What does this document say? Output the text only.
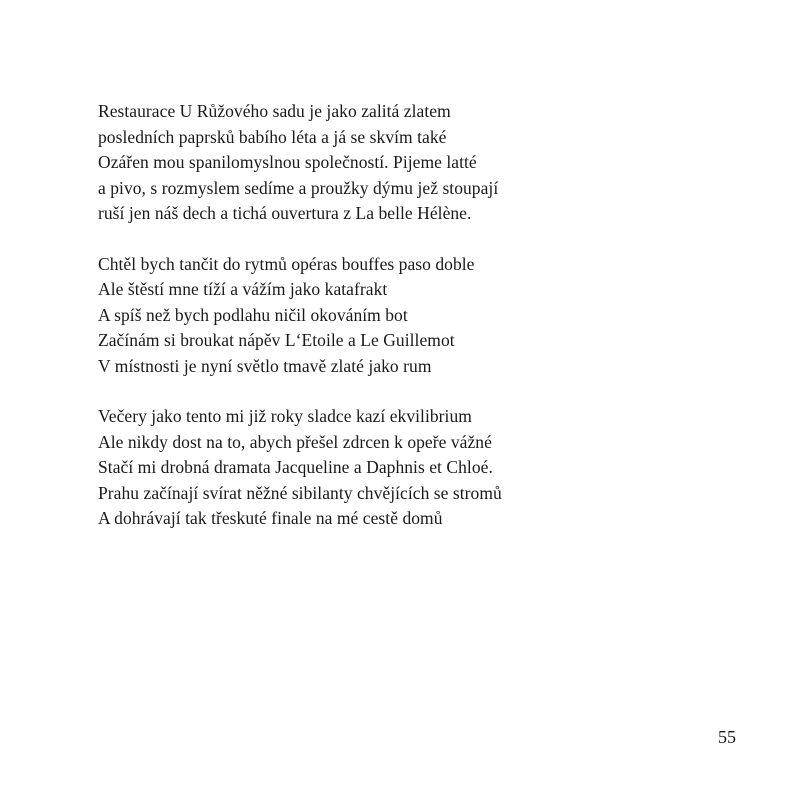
Restaurace U Růžového sadu je jako zalitá zlatem
posledních paprsků babího léta a já se skvím také
Ozářen mou spanilomyslnou společností. Pijeme latté
a pivo, s rozmyslem sedíme a proužky dýmu jež stoupají
ruší jen náš dech a tichá ouvertura z La belle Hélène.
Chtěl bych tančit do rytmů opéras bouffes paso doble
Ale štěstí mne tíží a vážím jako katafrakt
A spíš než bych podlahu ničil okováním bot
Začínám si broukat nápěv L‘Etoile a Le Guillemot
V místnosti je nyní světlo tmavě zlaté jako rum
Večery jako tento mi již roky sladce kazí ekvilibrium
Ale nikdy dost na to, abych přešel zdrcen k opeře vážné
Stačí mi drobná dramata Jacqueline a Daphnis et Chloé.
Prahu začínají svírat něžné sibilanty chvějících se stromů
A dohrávají tak třeskuté finale na mé cestě domů
55
